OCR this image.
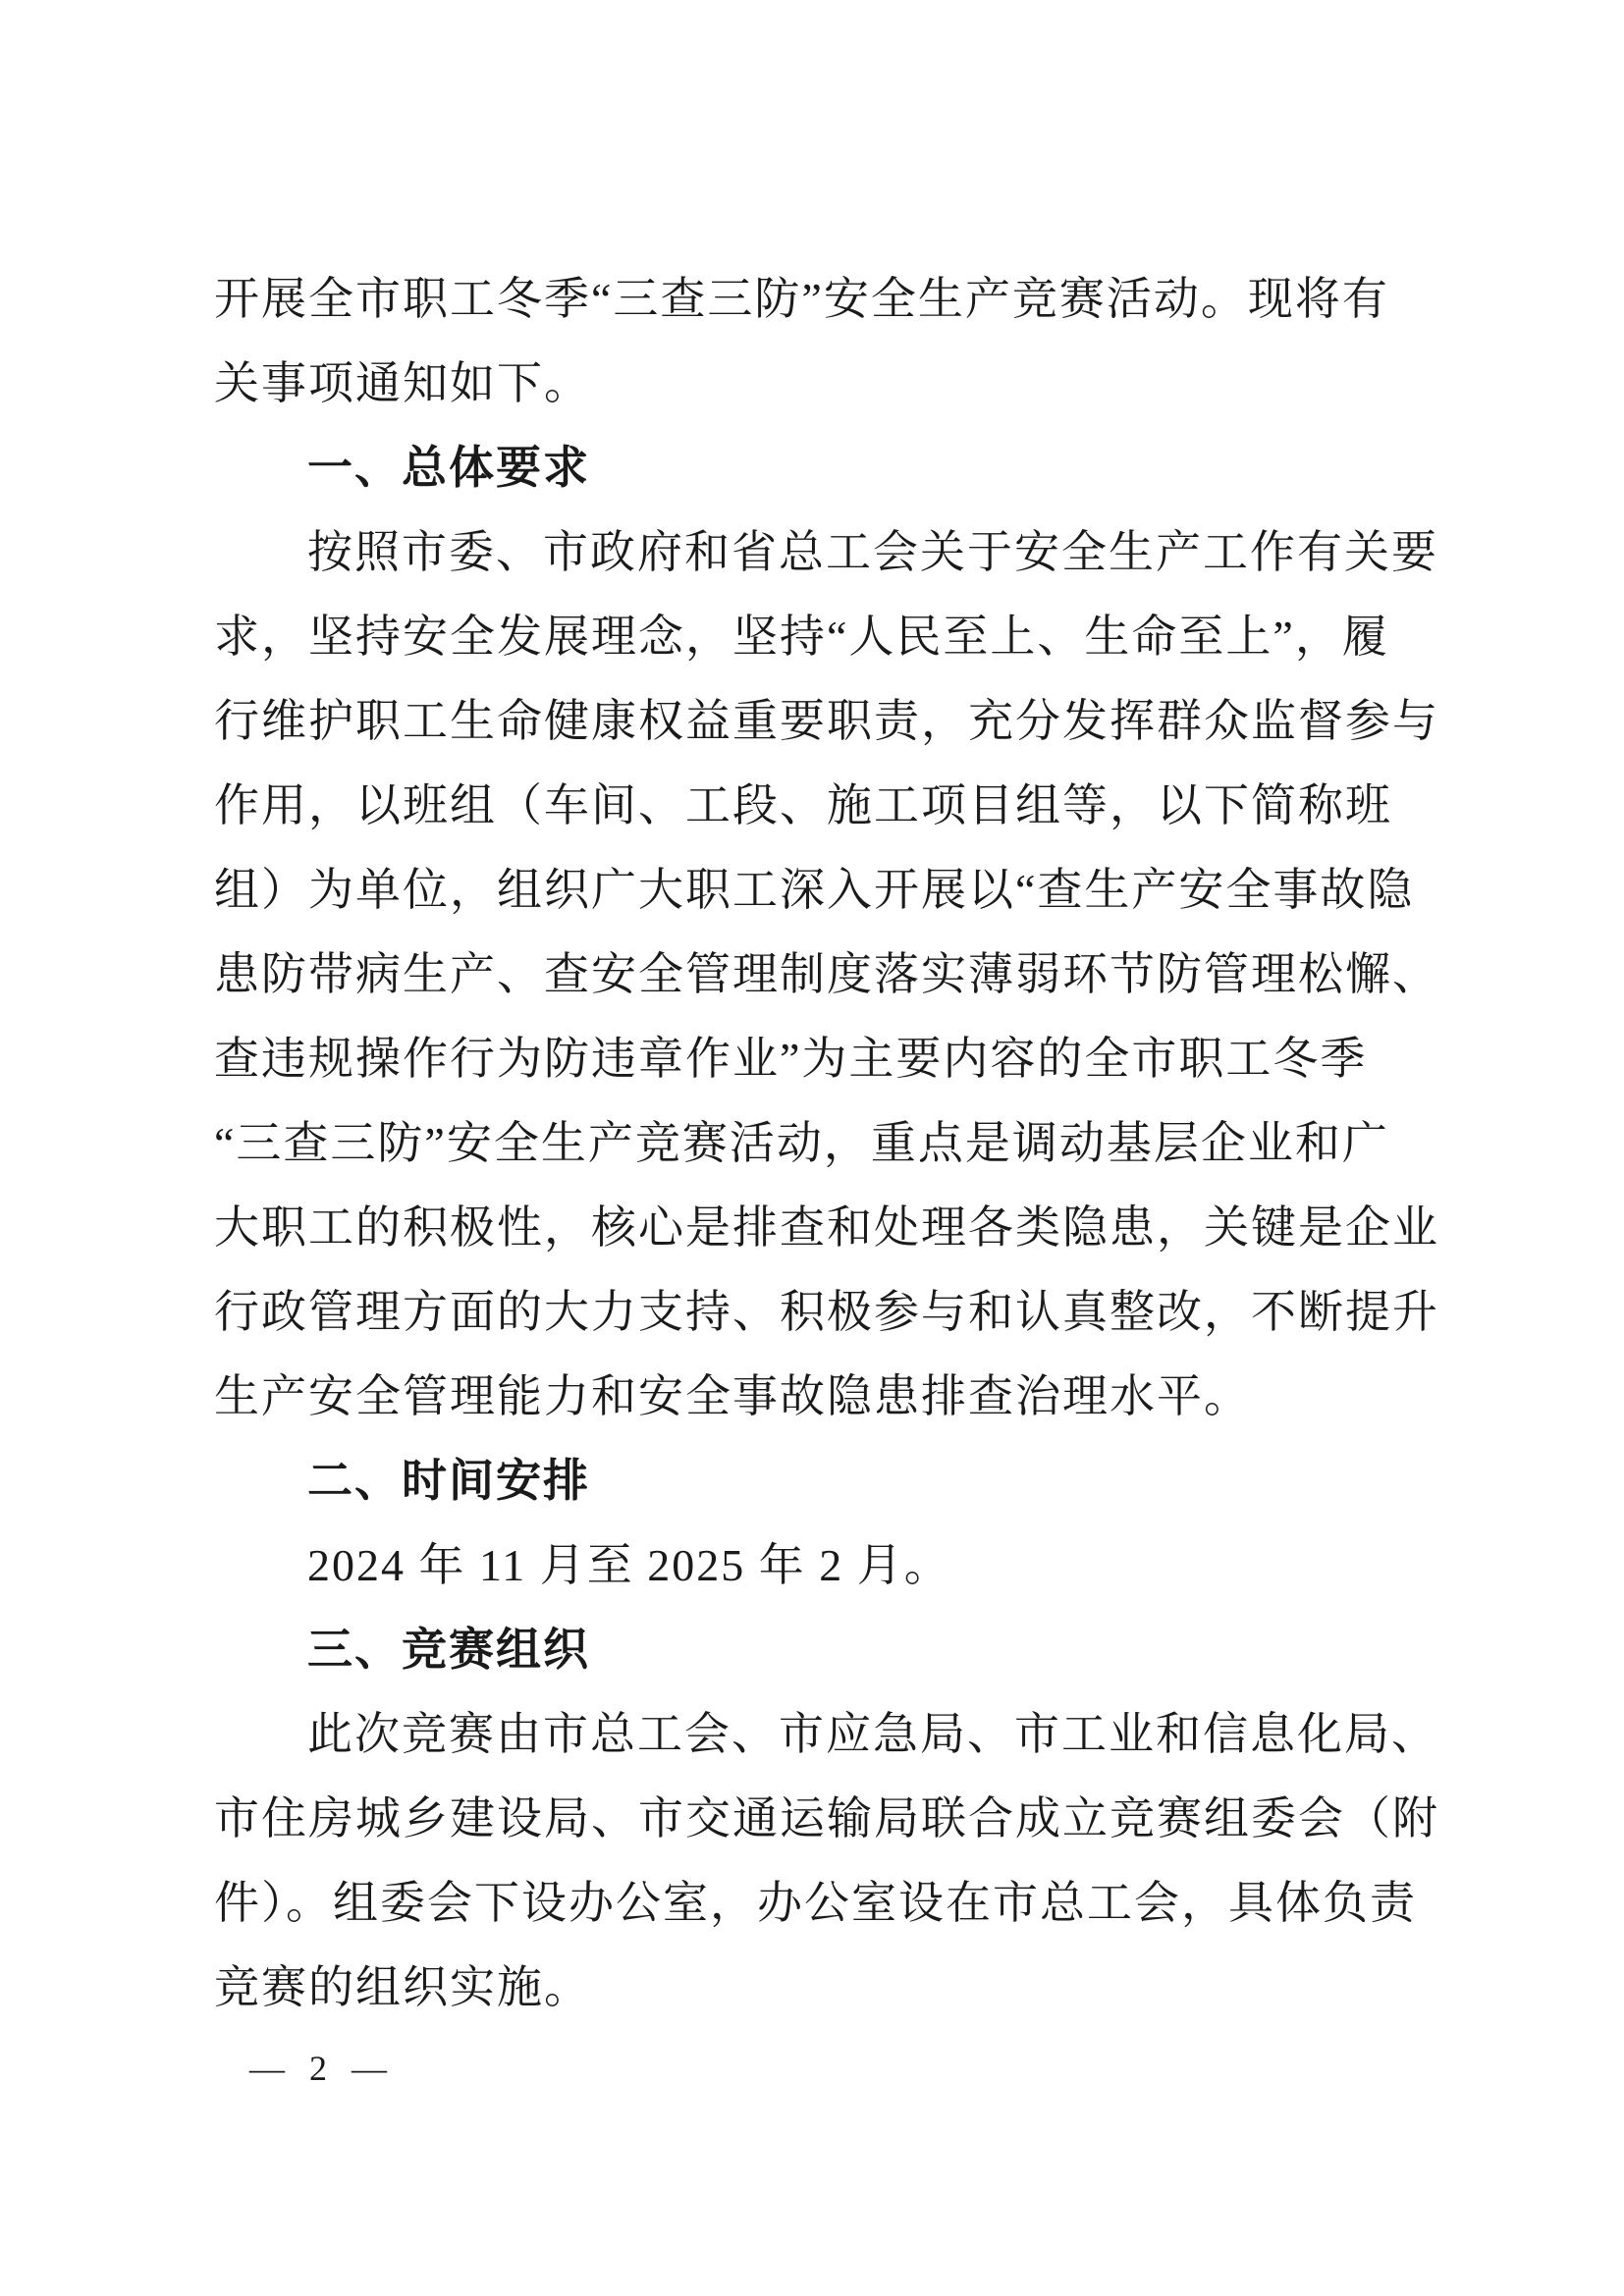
开展全市职工冬季“三查三防”安全生产竞赛活动。现将有
关事项通知如下。
一、总体要求
按照市委、市政府和省总工会关于安全生产工作有关要
求，坚持安全发展理念，坚持“人民至上、生命至上”，履
行维护职工生命健康权益重要职责，充分发挥群众监督参与
作用，以班组（车间、工段、施工项目组等，以下简称班
组）为单位，组织广大职工深入开展以“查生产安全事故隐
患防带病生产、查安全管理制度落实薄弱环节防管理松懈、
查违规操作行为防违章作业”为主要内容的全市职工冬季
“三查三防”安全生产竞赛活动，重点是调动基层企业和广
大职工的积极性，核心是排查和处理各类隐患，关键是企业
行政管理方面的大力支持、积极参与和认真整改，不断提升
生产安全管理能力和安全事故隐患排查治理水平。
二、时间安排
2024 年 11 月至 2025 年 2 月。
三、竞赛组织
此次竞赛由市总工会、市应急局、市工业和信息化局、
市住房城乡建设局、市交通运输局联合成立竞赛组委会（附
件）。组委会下设办公室，办公室设在市总工会，具体负责
竞赛的组织实施。
— 2 —
